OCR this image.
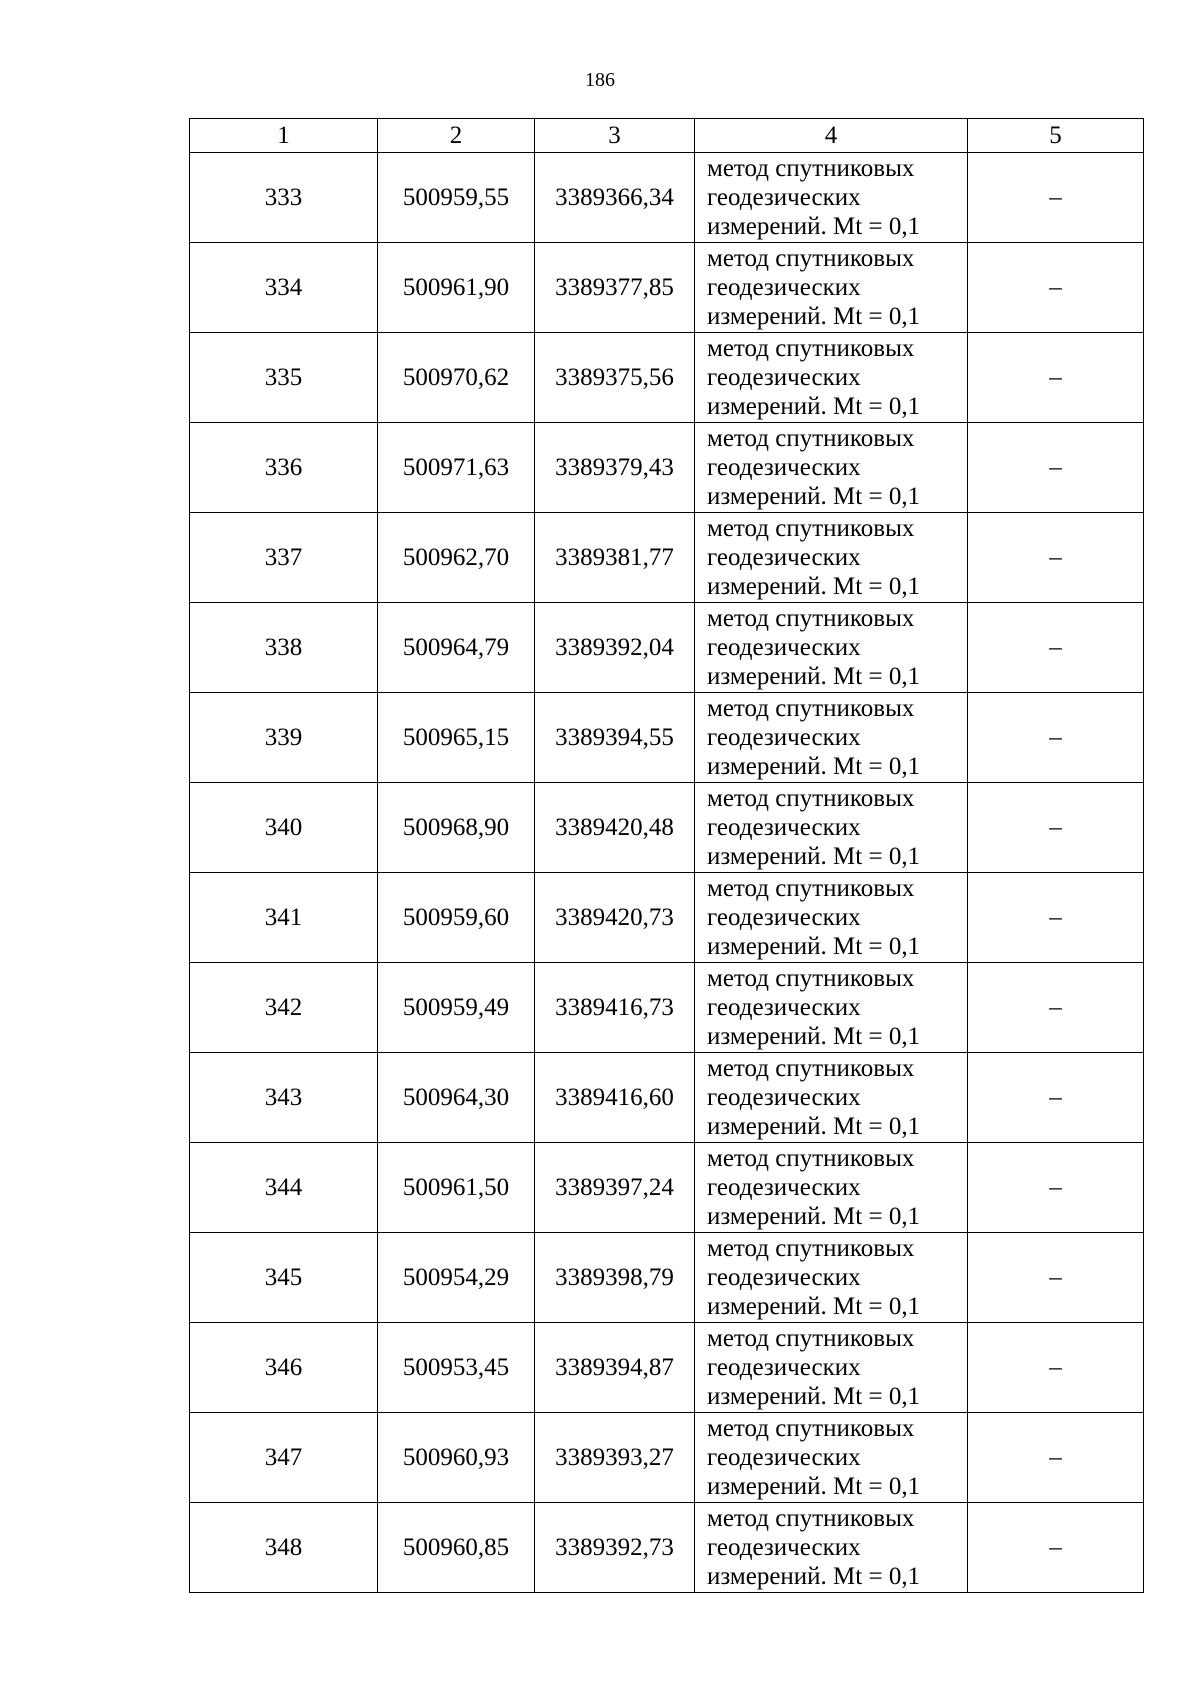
186
1	2	3	4	5
333	500959,55	3389366,34	метод спутниковых
геодезических
измерений. Mt = 0,1	–
334	500961,90	3389377,85	метод спутниковых
геодезических
измерений. Mt = 0,1	–
335	500970,62	3389375,56	метод спутниковых
геодезических
измерений. Mt = 0,1	–
336	500971,63	3389379,43	метод спутниковых
геодезических
измерений. Mt = 0,1	–
337	500962,70	3389381,77	метод спутниковых
геодезических
измерений. Mt = 0,1	–
338	500964,79	3389392,04	метод спутниковых
геодезических
измерений. Mt = 0,1	–
339	500965,15	3389394,55	метод спутниковых
геодезических
измерений. Mt = 0,1	–
340	500968,90	3389420,48	метод спутниковых
геодезических
измерений. Mt = 0,1	–
341	500959,60	3389420,73	метод спутниковых
геодезических
измерений. Mt = 0,1	–
342	500959,49	3389416,73	метод спутниковых
геодезических
измерений. Mt = 0,1	–
343	500964,30	3389416,60	метод спутниковых
геодезических
измерений. Mt = 0,1	–
344	500961,50	3389397,24	метод спутниковых
геодезических
измерений. Mt = 0,1	–
345	500954,29	3389398,79	метод спутниковых
геодезических
измерений. Mt = 0,1	–
346	500953,45	3389394,87	метод спутниковых
геодезических
измерений. Mt = 0,1	–
347	500960,93	3389393,27	метод спутниковых
геодезических
измерений. Mt = 0,1	–
348	500960,85	3389392,73	метод спутниковых
геодезических
измерений. Mt = 0,1	–
